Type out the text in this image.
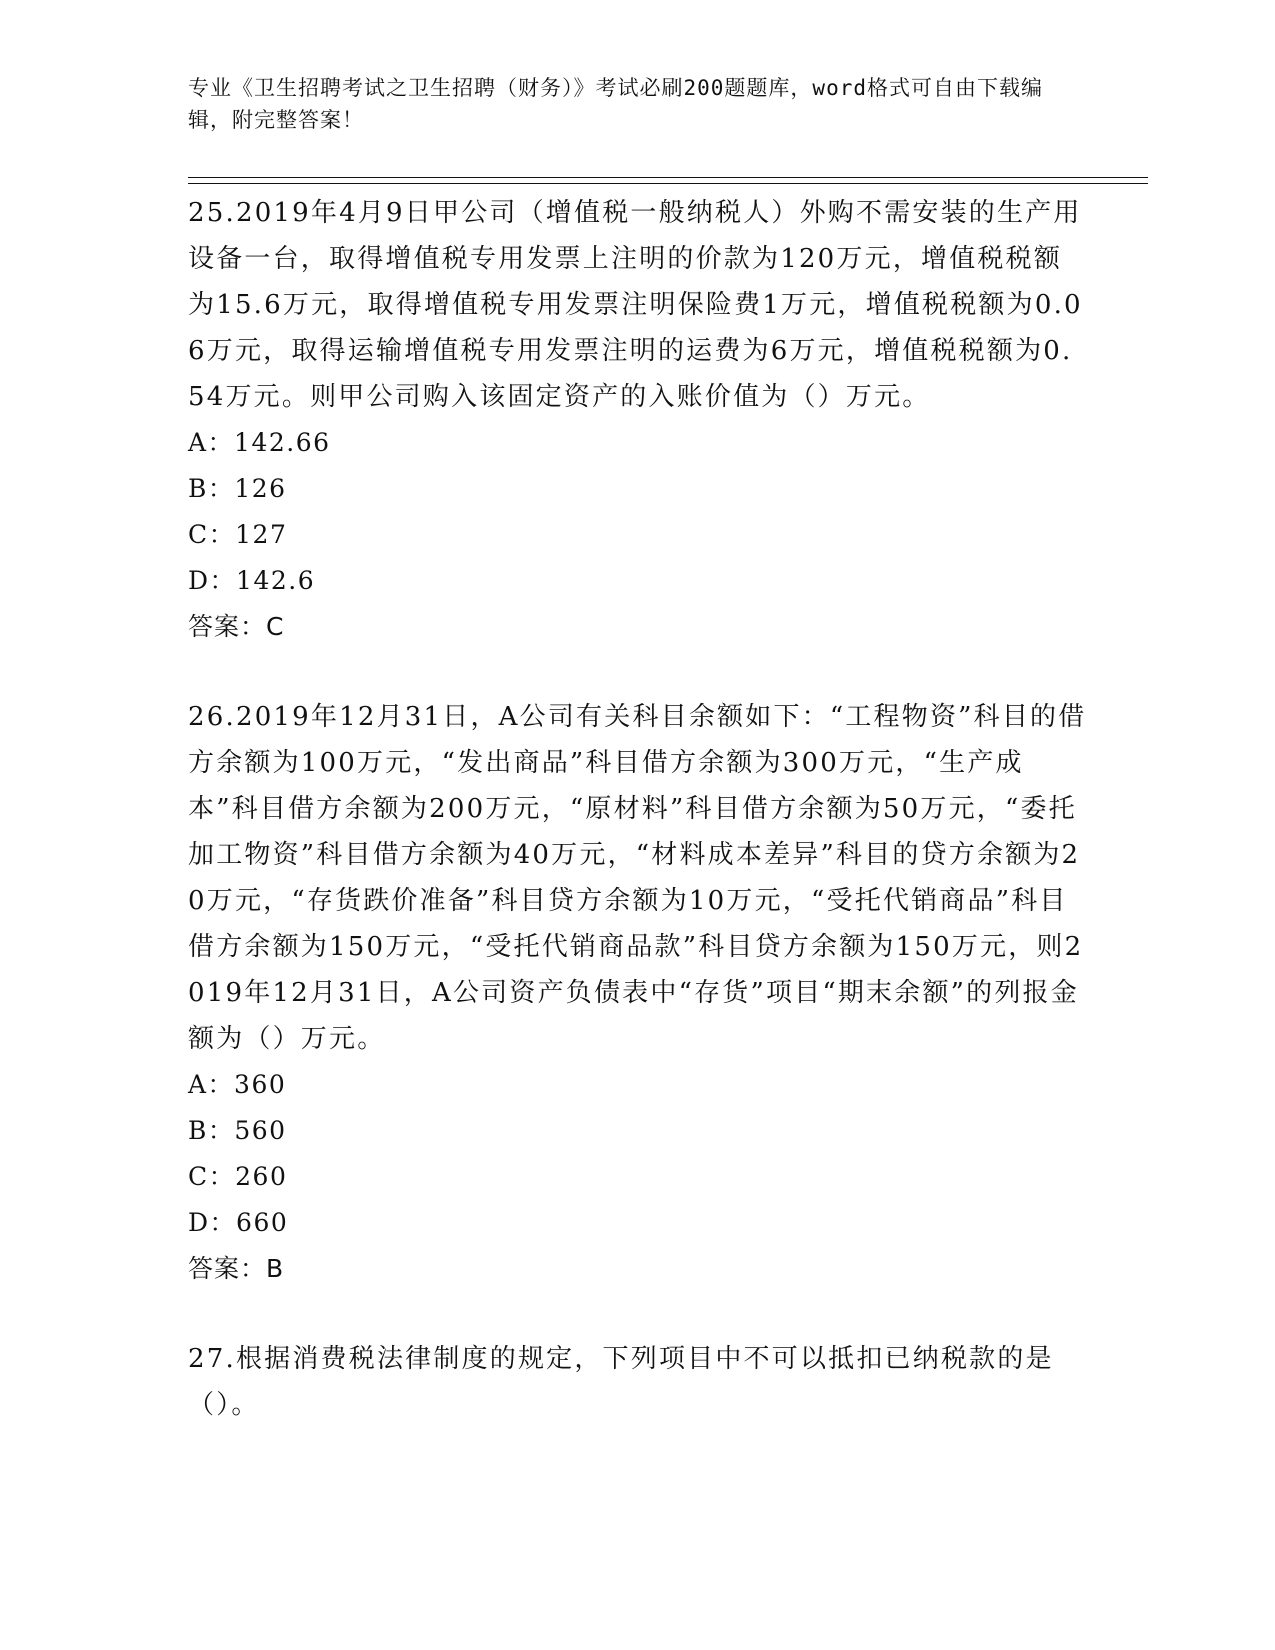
专业《卫生招聘考试之卫生招聘（财务）》考试必刷200题题库，word格式可自由下载编辑，附完整答案！

25.2019年4月9日甲公司（增值税一般纳税人）外购不需安装的生产用设备一台，取得增值税专用发票上注明的价款为120万元，增值税税额为15.6万元，取得增值税专用发票注明保险费1万元，增值税税额为0.06万元，取得运输增值税专用发票注明的运费为6万元，增值税税额为0.54万元。则甲公司购入该固定资产的入账价值为（）万元。

A：142.66

B：126

C：127

D：142.6

答案：C

26.2019年12月31日，A公司有关科目余额如下：“工程物资”科目的借方余额为100万元，“发出商品”科目借方余额为300万元，“生产成本”科目借方余额为200万元，“原材料”科目借方余额为50万元，“委托加工物资”科目借方余额为40万元，“材料成本差异”科目的贷方余额为20万元，“存货跌价准备”科目贷方余额为10万元，“受托代销商品”科目借方余额为150万元，“受托代销商品款”科目贷方余额为150万元，则2019年12月31日，A公司资产负债表中“存货”项目“期末余额”的列报金额为（）万元。

A：360

B：560

C：260

D：660

答案：B

27.根据消费税法律制度的规定，下列项目中不可以抵扣已纳税款的是（）。
